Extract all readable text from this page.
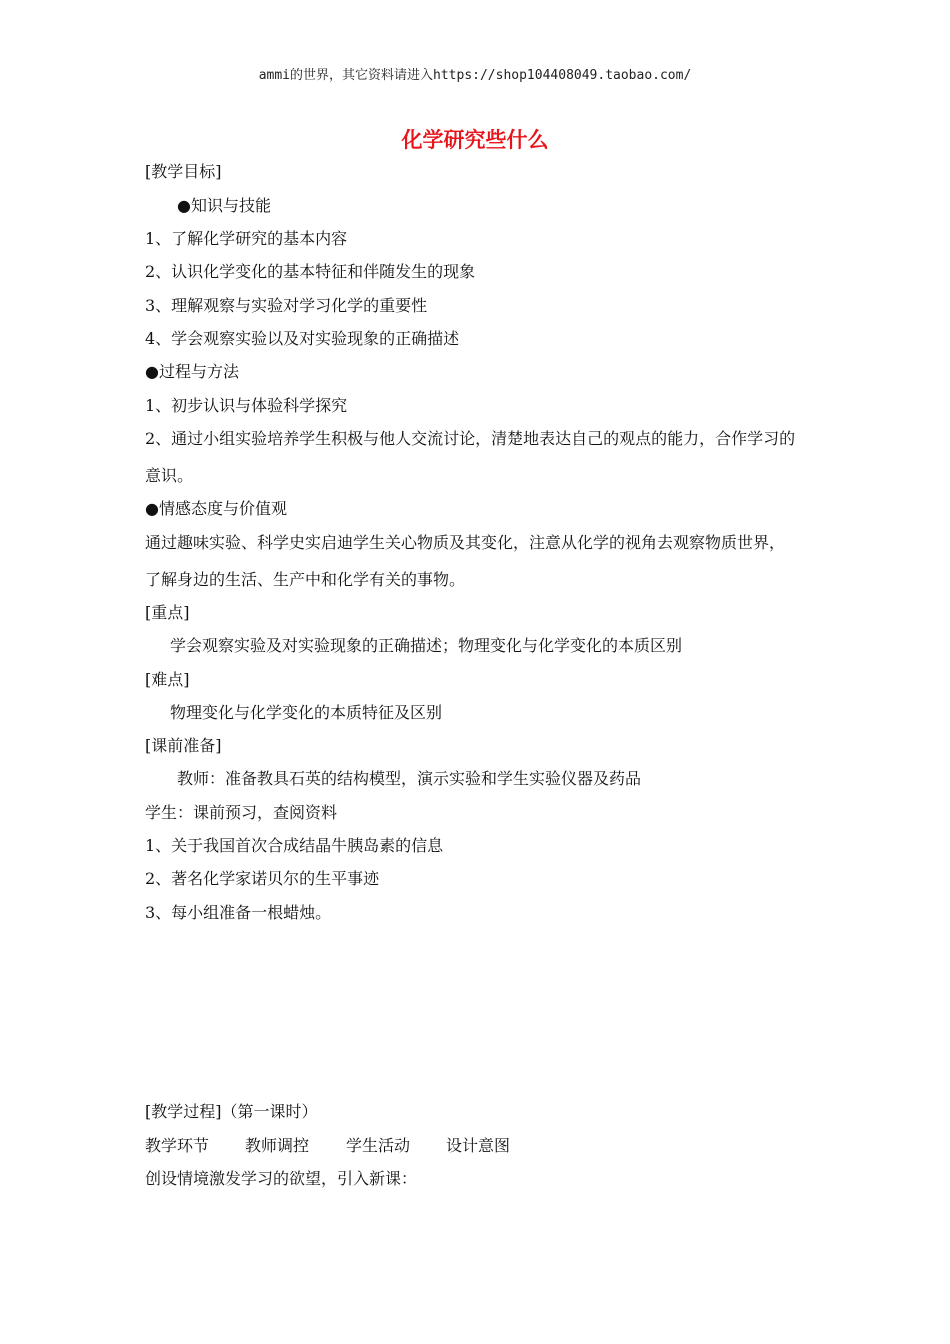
ammi的世界，其它资料请进入https://shop104408049.taobao.com/
化学研究些什么
[教学目标]
●知识与技能
1、了解化学研究的基本内容
2、认识化学变化的基本特征和伴随发生的现象
3、理解观察与实验对学习化学的重要性
4、学会观察实验以及对实验现象的正确描述
●过程与方法
1、初步认识与体验科学探究
2、通过小组实验培养学生积极与他人交流讨论，清楚地表达自己的观点的能力，合作学习的
意识。
●情感态度与价值观
通过趣味实验、科学史实启迪学生关心物质及其变化，注意从化学的视角去观察物质世界，
了解身边的生活、生产中和化学有关的事物。
[重点]
学会观察实验及对实验现象的正确描述；物理变化与化学变化的本质区别
[难点]
物理变化与化学变化的本质特征及区别
[课前准备]
教师：准备教具石英的结构模型，演示实验和学生实验仪器及药品
学生：课前预习，查阅资料
1、关于我国首次合成结晶牛胰岛素的信息
2、著名化学家诺贝尔的生平事迹
3、每小组准备一根蜡烛。
[教学过程]（第一课时）
教学环节 教师调控 学生活动 设计意图
创设情境激发学习的欲望，引入新课：
